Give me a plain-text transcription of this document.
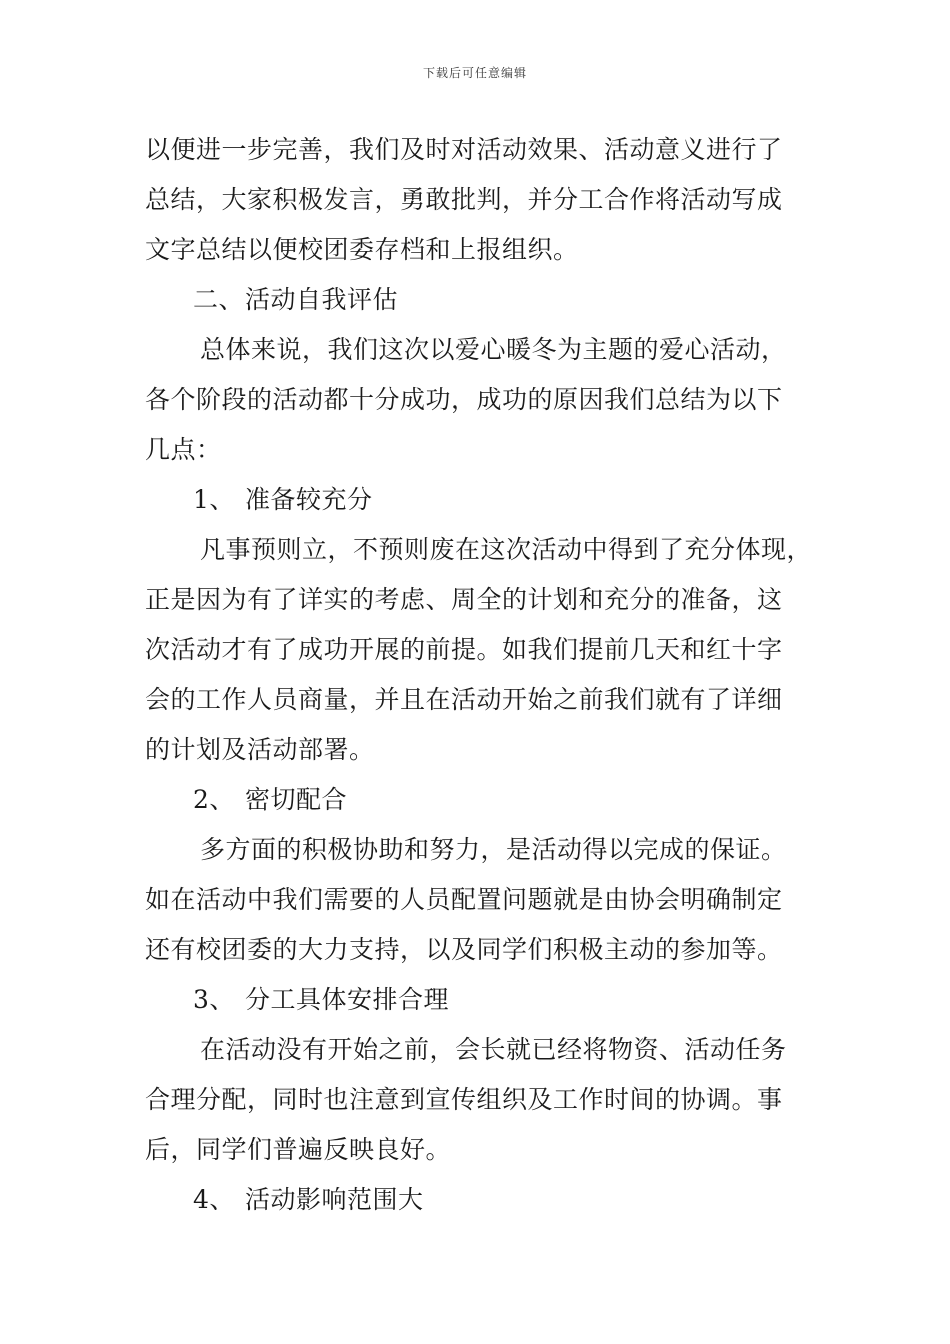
下载后可任意编辑
以便进一步完善，我们及时对活动效果、活动意义进行了
总结，大家积极发言，勇敢批判，并分工合作将活动写成
文字总结以便校团委存档和上报组织。
二、活动自我评估
总体来说，我们这次以爱心暖冬为主题的爱心活动，
各个阶段的活动都十分成功，成功的原因我们总结为以下
几点：
1、 准备较充分
凡事预则立，不预则废在这次活动中得到了充分体现，
正是因为有了详实的考虑、周全的计划和充分的准备，这
次活动才有了成功开展的前提。如我们提前几天和红十字
会的工作人员商量，并且在活动开始之前我们就有了详细
的计划及活动部署。
2、 密切配合
多方面的积极协助和努力，是活动得以完成的保证。
如在活动中我们需要的人员配置问题就是由协会明确制定
还有校团委的大力支持，以及同学们积极主动的参加等。
3、 分工具体安排合理
在活动没有开始之前，会长就已经将物资、活动任务
合理分配，同时也注意到宣传组织及工作时间的协调。事
后，同学们普遍反映良好。
4、 活动影响范围大
